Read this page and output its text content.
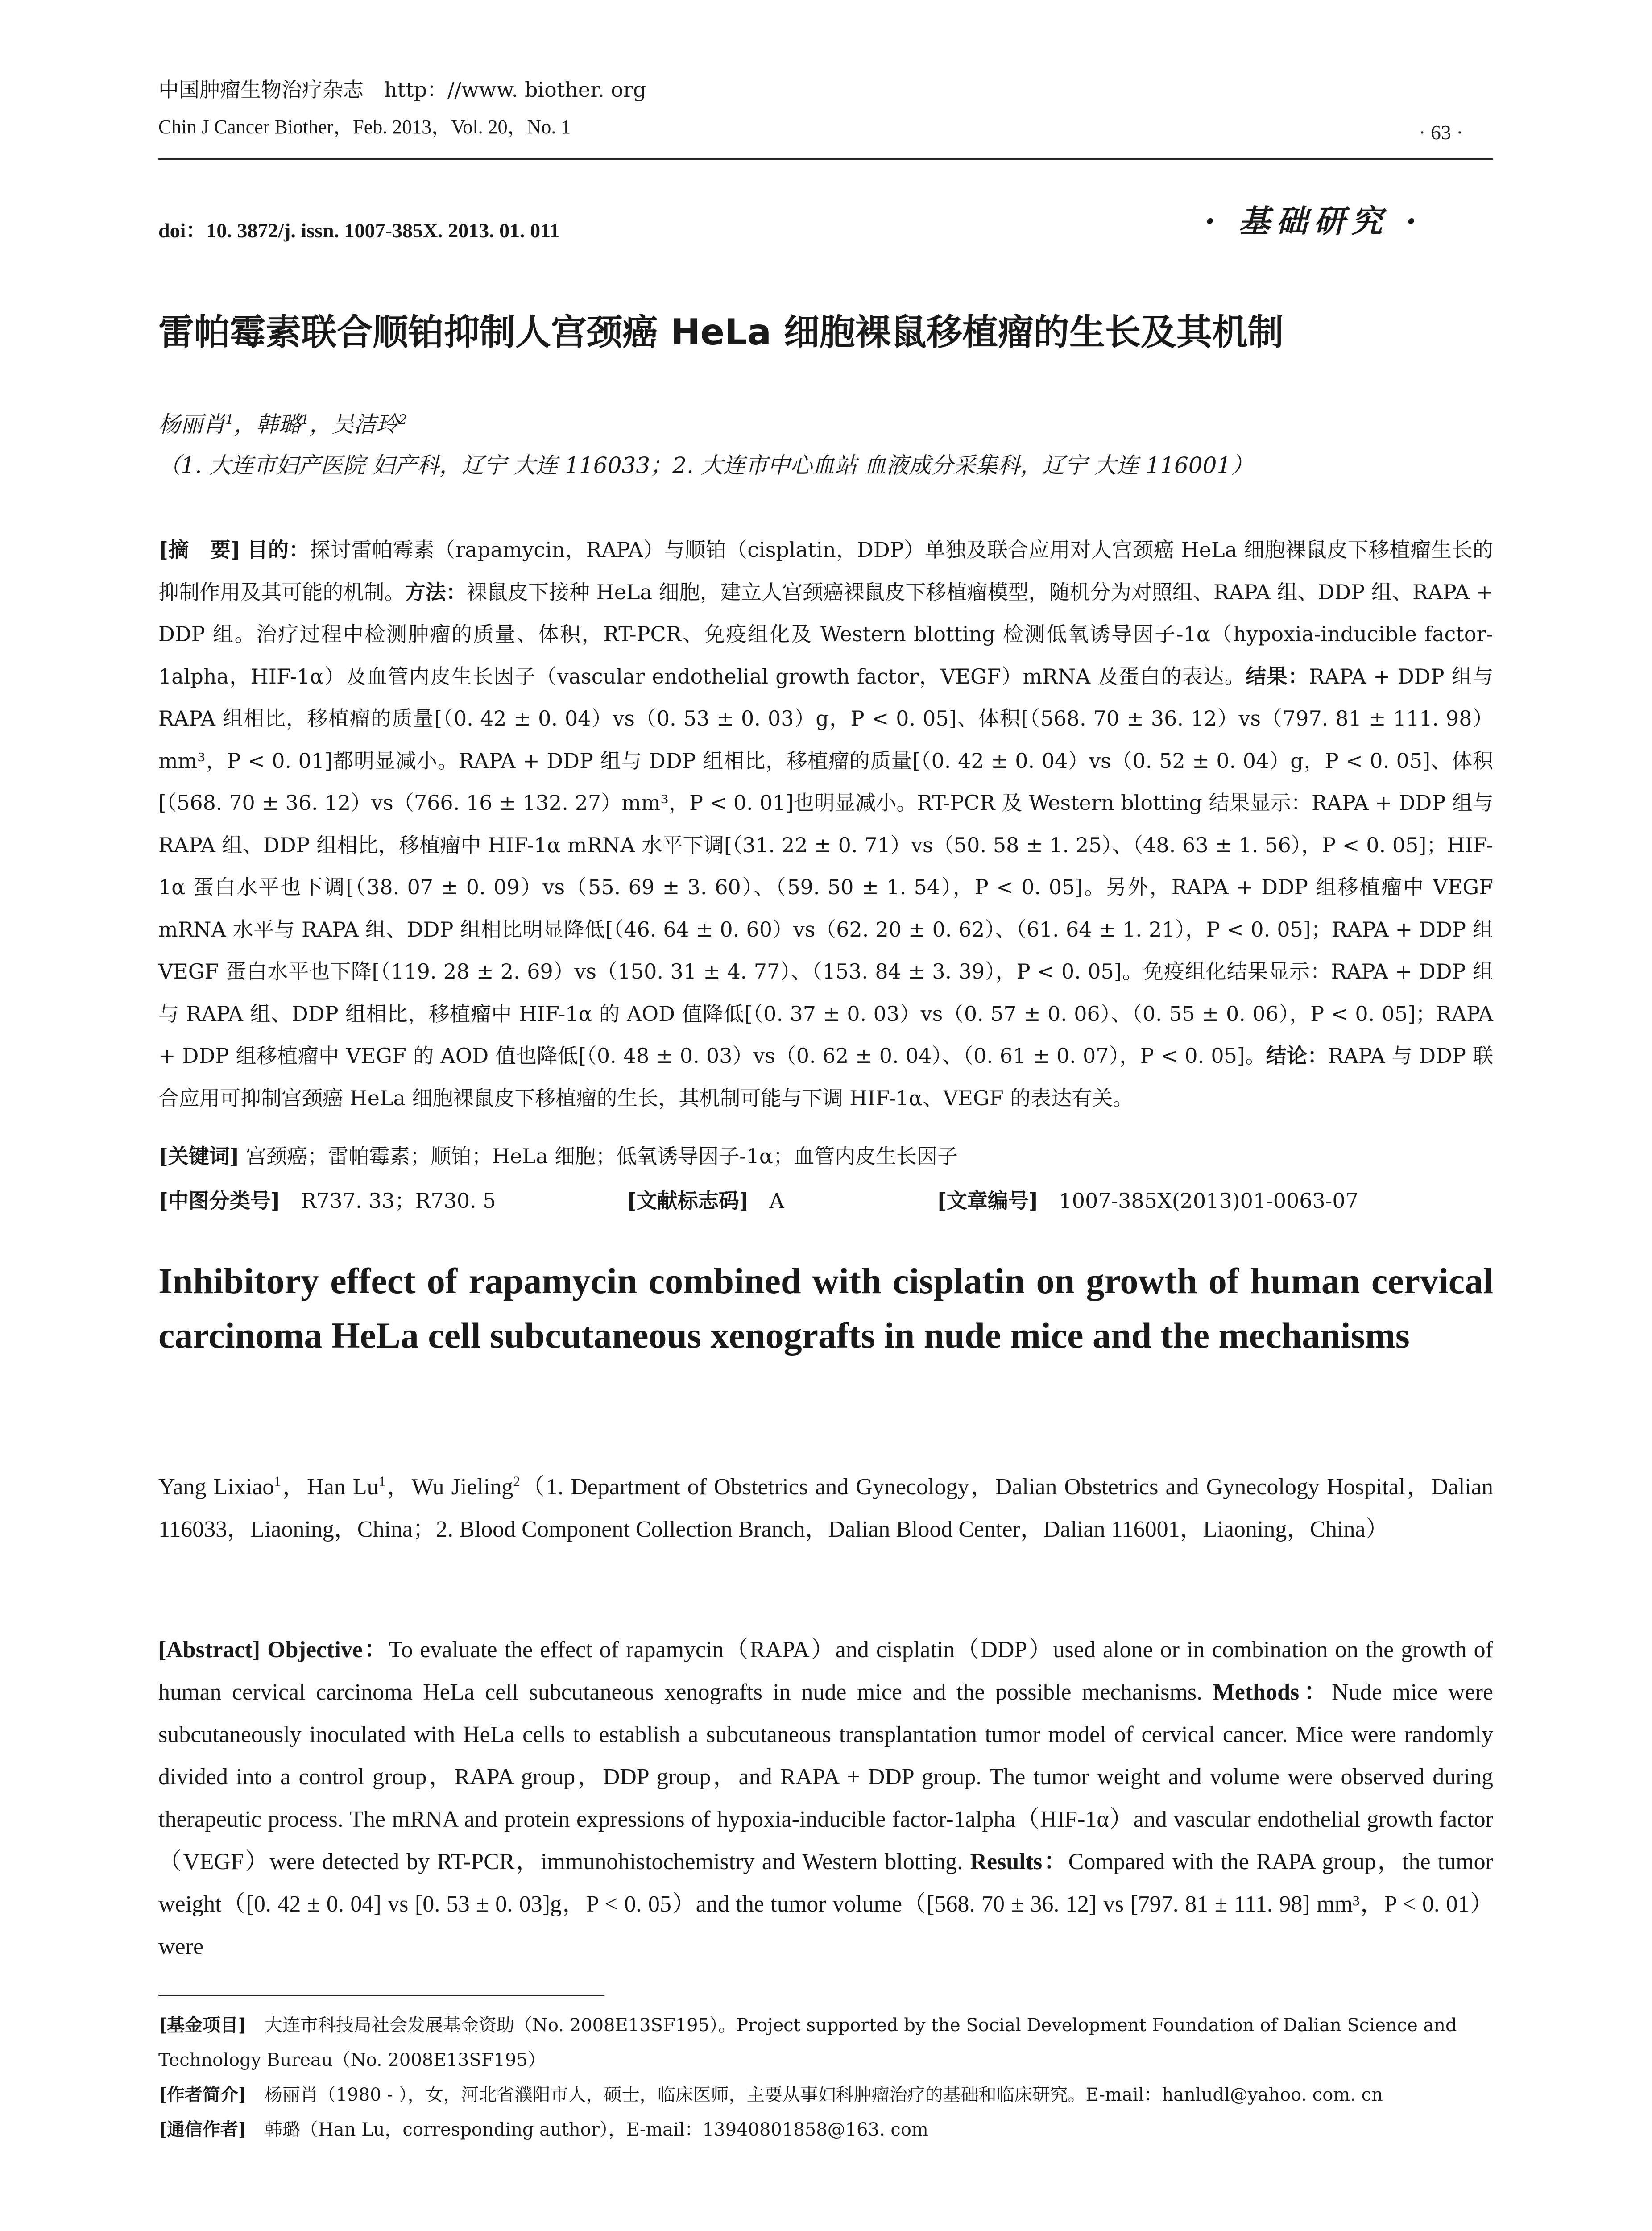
中国肿瘤生物治疗杂志　http：//www. biother. org
Chin J Cancer Biother，Feb. 2013，Vol. 20，No. 1	· 63 ·
doi：10. 3872/j. issn. 1007-385X. 2013. 01. 011	· 基础研究 ·
雷帕霉素联合顺铂抑制人宫颈癌 HeLa 细胞裸鼠移植瘤的生长及其机制
杨丽肖$^1$，韩璐$^1$，吴洁玲$^2$（1. 大连市妇产医院 妇产科，辽宁 大连 116033；2. 大连市中心血站 血液成分采集科，辽宁 大连 116001）
[摘　要] 目的：探讨雷帕霉素（rapamycin，RAPA）与顺铂（cisplatin，DDP）单独及联合应用对人宫颈癌 HeLa 细胞裸鼠皮下移植瘤生长的抑制作用及其可能的机制。方法：裸鼠皮下接种 HeLa 细胞，建立人宫颈癌裸鼠皮下移植瘤模型，随机分为对照组、RAPA 组、DDP 组、RAPA + DDP 组。治疗过程中检测肿瘤的质量、体积，RT-PCR、免疫组化及 Western blotting 检测低氧诱导因子-1α（hypoxia-inducible factor-1alpha，HIF-1α）及血管内皮生长因子（vascular endothelial growth factor，VEGF）mRNA 及蛋白的表达。结果：RAPA + DDP 组与 RAPA 组相比，移植瘤的质量[（0. 42 ± 0. 04）vs（0. 53 ± 0. 03）g，P < 0. 05]、体积[（568. 70 ± 36. 12）vs（797. 81 ± 111. 98）mm³，P < 0. 01]都明显减小。RAPA + DDP 组与 DDP 组相比，移植瘤的质量[（0. 42 ± 0. 04）vs（0. 52 ± 0. 04）g，P < 0. 05]、体积[（568. 70 ± 36. 12）vs（766. 16 ± 132. 27）mm³，P < 0. 01]也明显减小。RT-PCR 及 Western blotting 结果显示：RAPA + DDP 组与 RAPA 组、DDP 组相比，移植瘤中 HIF-1α mRNA 水平下调[（31. 22 ± 0. 71）vs（50. 58 ± 1. 25）、（48. 63 ± 1. 56），P < 0. 05]；HIF-1α 蛋白水平也下调[（38. 07 ± 0. 09）vs（55. 69 ± 3. 60）、（59. 50 ± 1. 54），P < 0. 05]。另外，RAPA + DDP 组移植瘤中 VEGF mRNA 水平与 RAPA 组、DDP 组相比明显降低[（46. 64 ± 0. 60）vs（62. 20 ± 0. 62）、（61. 64 ± 1. 21），P < 0. 05]；RAPA + DDP 组 VEGF 蛋白水平也下降[（119. 28 ± 2. 69）vs（150. 31 ± 4. 77）、（153. 84 ± 3. 39），P < 0. 05]。免疫组化结果显示：RAPA + DDP 组与 RAPA 组、DDP 组相比，移植瘤中 HIF-1α 的 AOD 值降低[（0. 37 ± 0. 03）vs（0. 57 ± 0. 06）、（0. 55 ± 0. 06），P < 0. 05]；RAPA + DDP 组移植瘤中 VEGF 的 AOD 值也降低[（0. 48 ± 0. 03）vs（0. 62 ± 0. 04）、（0. 61 ± 0. 07），P < 0. 05]。结论：RAPA 与 DDP 联合应用可抑制宫颈癌 HeLa 细胞裸鼠皮下移植瘤的生长，其机制可能与下调 HIF-1α、VEGF 的表达有关。
[关键词] 宫颈癌；雷帕霉素；顺铂；HeLa 细胞；低氧诱导因子-1α；血管内皮生长因子
[中图分类号]　 R737. 33；R730. 5	[文献标志码]　 A	[文章编号]　 1007-385X(2013)01-0063-07
Inhibitory effect of rapamycin combined with cisplatin on growth of human cervical carcinoma HeLa cell subcutaneous xenografts in nude mice and the mechanisms
Yang Lixiao$^1$，Han Lu$^1$，Wu Jieling$^2$（1. Department of Obstetrics and Gynecology，Dalian Obstetrics and Gynecology Hospital，Dalian 116033，Liaoning，China；2. Blood Component Collection Branch，Dalian Blood Center，Dalian 116001，Liaoning，China）
[Abstract] Objective：To evaluate the effect of rapamycin（RAPA）and cisplatin（DDP）used alone or in combination on the growth of human cervical carcinoma HeLa cell subcutaneous xenografts in nude mice and the possible mechanisms. Methods：Nude mice were subcutaneously inoculated with HeLa cells to establish a subcutaneous transplantation tumor model of cervical cancer. Mice were randomly divided into a control group，RAPA group，DDP group，and RAPA + DDP group. The tumor weight and volume were observed during therapeutic process. The mRNA and protein expressions of hypoxia-inducible factor-1alpha（HIF-1α）and vascular endothelial growth factor（VEGF）were detected by RT-PCR，immunohistochemistry and Western blotting. Results：Compared with the RAPA group，the tumor weight（[0. 42 ± 0. 04] vs [0. 53 ± 0. 03]g，P < 0. 05）and the tumor volume（[568. 70 ± 36. 12] vs [797. 81 ± 111. 98] mm³，P < 0. 01）were

[基金项目]　 大连市科技局社会发展基金资助（No. 2008E13SF195）。Project supported by the Social Development Foundation of Dalian Science and Technology Bureau（No. 2008E13SF195）

[作者简介]　 杨丽肖（1980 - ），女，河北省濮阳市人，硕士，临床医师，主要从事妇科肿瘤治疗的基础和临床研究。E-mail：hanludl@yahoo. com. cn

[通信作者]　 韩璐（Han Lu，corresponding author），E-mail：13940801858@163. com
